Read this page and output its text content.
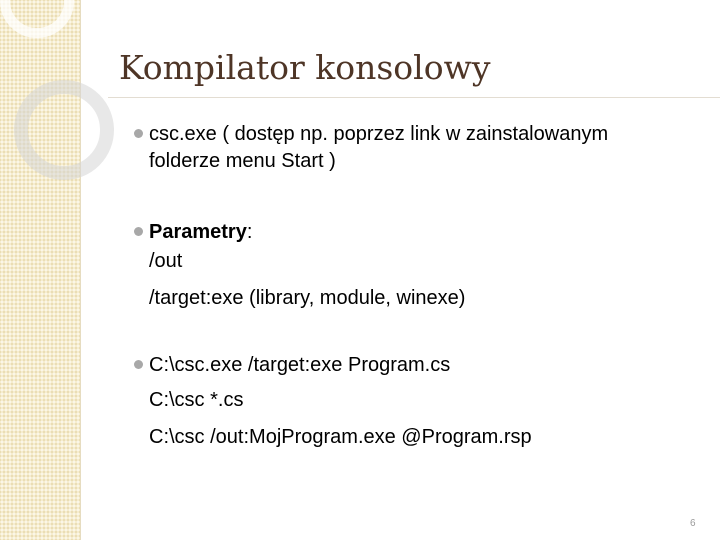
Kompilator konsolowy
csc.exe ( dostęp np. poprzez link w zainstalowanym
folderze menu Start )
Parametry:
/out
/target:exe (library, module, winexe)
C:\csc.exe /target:exe Program.cs
C:\csc *.cs
C:\csc /out:MojProgram.exe @Program.rsp
6
